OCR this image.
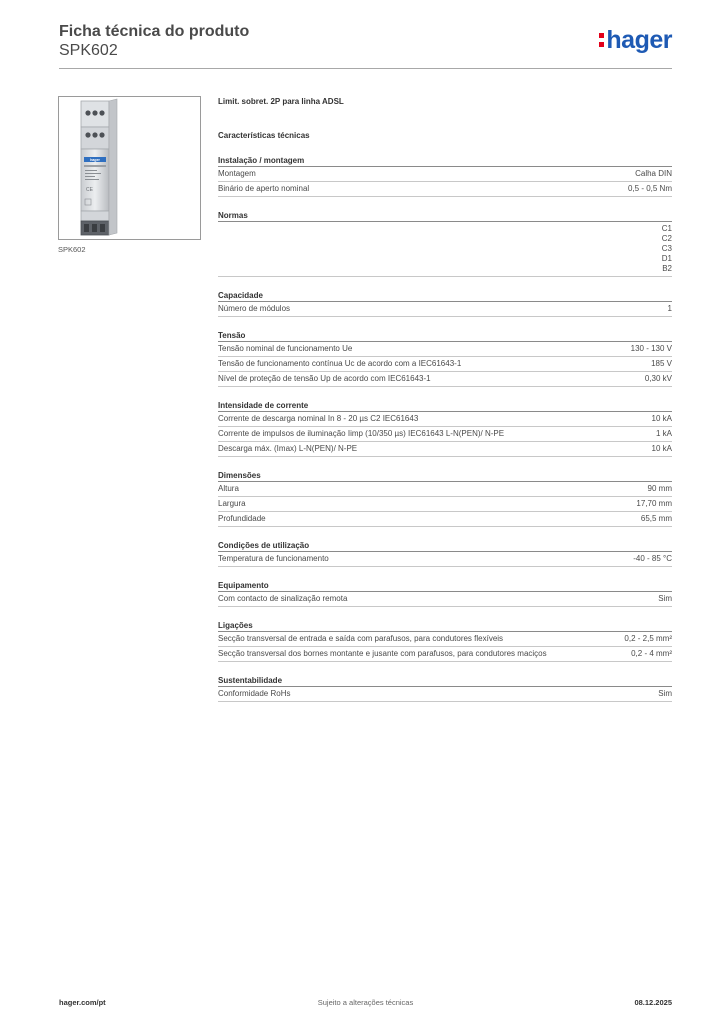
Ficha técnica do produto
SPK602	hager
hager
CE
SPK602
Limit. sobret. 2P para linha ADSL
Características técnicas
Instalação / montagem
Montagem	Calha DIN
Binário de aperto nominal	0,5 - 0,5 Nm
Normas
C1
C2
C3
D1
B2
Capacidade
Número de módulos	1
Tensão
Tensão nominal de funcionamento Ue	130 - 130 V
Tensão de funcionamento contínua Uc de acordo com a IEC61643-1	185 V
Nível de proteção de tensão Up de acordo com IEC61643-1	0,30 kV
Intensidade de corrente
Corrente de descarga nominal In 8 - 20 µs C2 IEC61643	10 kA
Corrente de impulsos de iluminação Iimp (10/350 µs) IEC61643 L-N(PEN)/ N-PE	1 kA
Descarga máx. (Imax) L-N(PEN)/ N-PE	10 kA
Dimensões
Altura	90 mm
Largura	17,70 mm
Profundidade	65,5 mm
Condições de utilização
Temperatura de funcionamento	-40 - 85 °C
Equipamento
Com contacto de sinalização remota	Sim
Ligações
Secção transversal de entrada e saída com parafusos, para condutores flexíveis	0,2 - 2,5 mm²
Secção transversal dos bornes montante e jusante com parafusos, para condutores maciços	0,2 - 4 mm²
Sustentabilidade
Conformidade RoHs	Sim
hager.com/pt	Sujeito a alterações técnicas	08.12.2025
